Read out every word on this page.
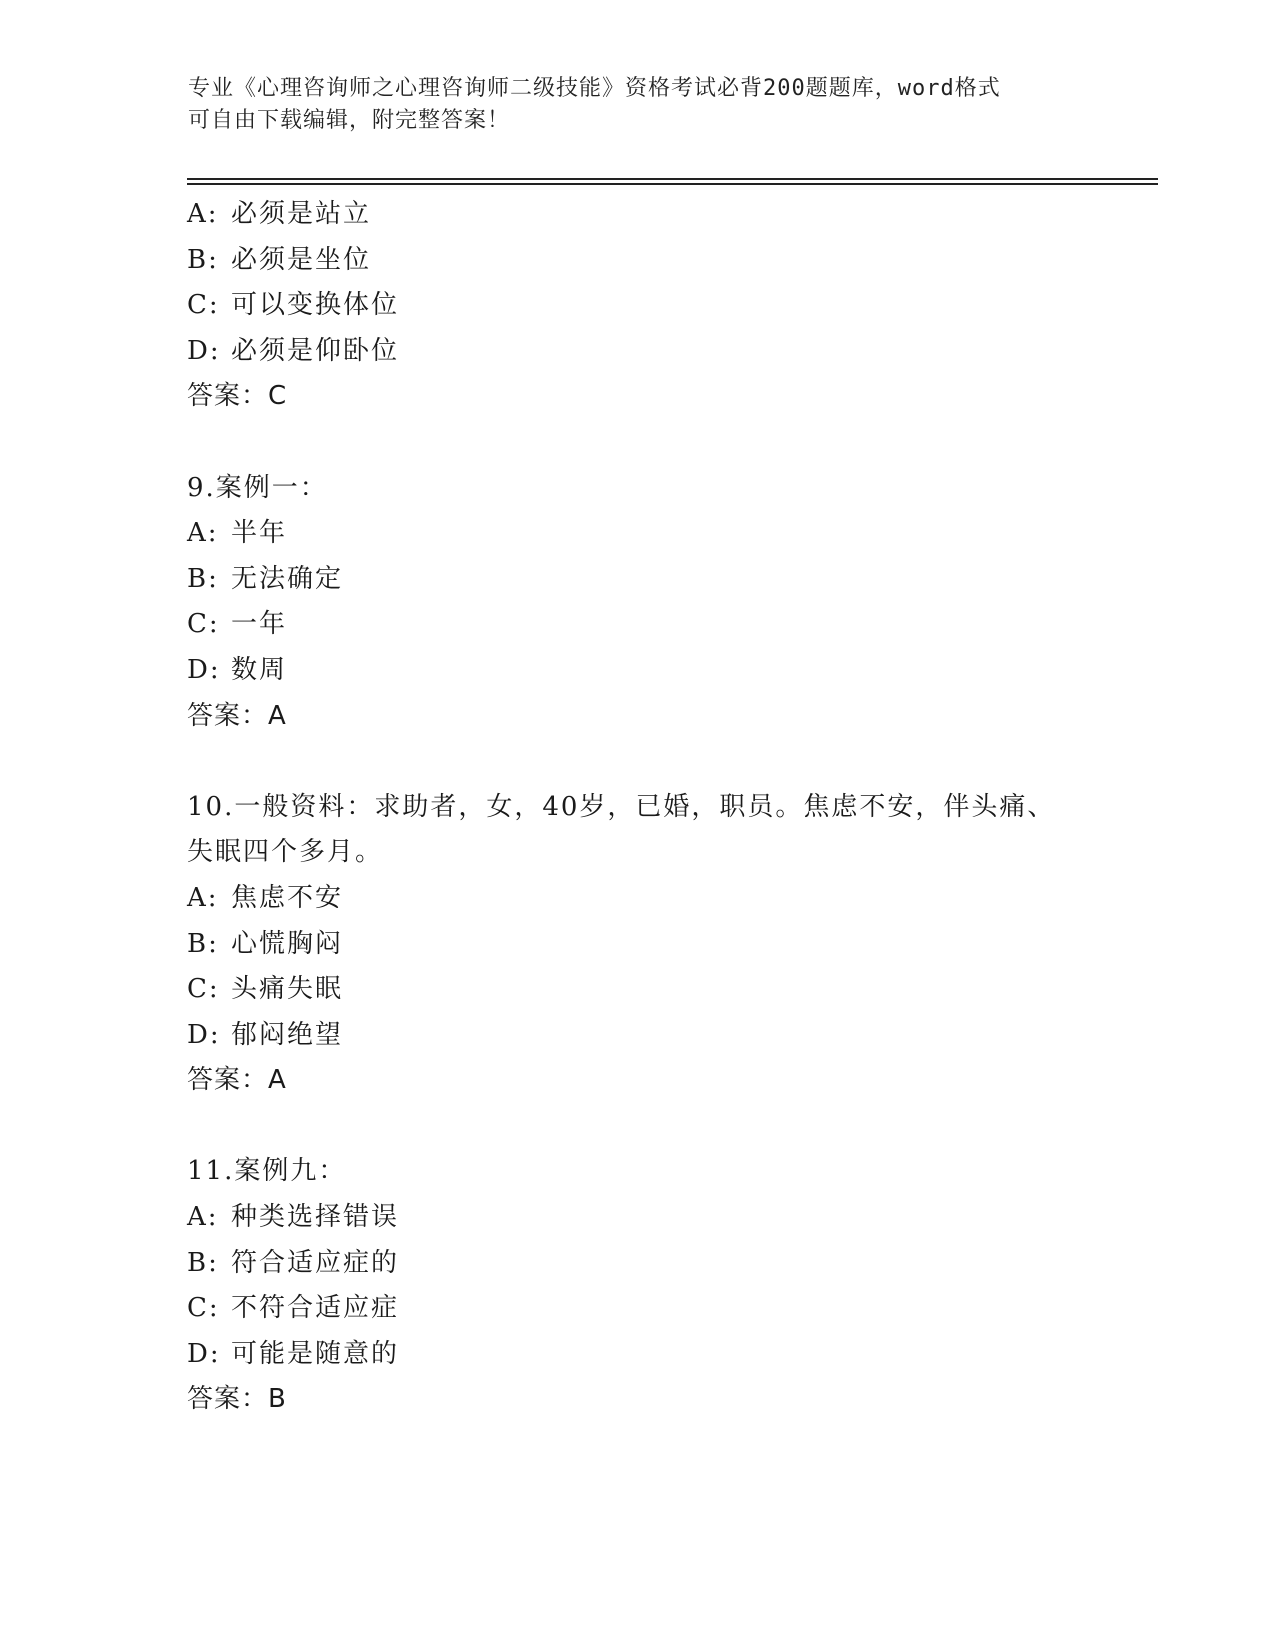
专业《心理咨询师之心理咨询师二级技能》资格考试必背200题题库，word格式
可自由下载编辑，附完整答案！
A: 必须是站立
B: 必须是坐位
C: 可以变换体位
D: 必须是仰卧位
答案：C
9.案例一：
A: 半年
B: 无法确定
C: 一年
D: 数周
答案：A
10.一般资料：求助者，女，40岁，已婚，职员。焦虑不安，伴头痛、
失眠四个多月。
A: 焦虑不安
B: 心慌胸闷
C: 头痛失眠
D: 郁闷绝望
答案：A
11.案例九：
A: 种类选择错误
B: 符合适应症的
C: 不符合适应症
D: 可能是随意的
答案：B
